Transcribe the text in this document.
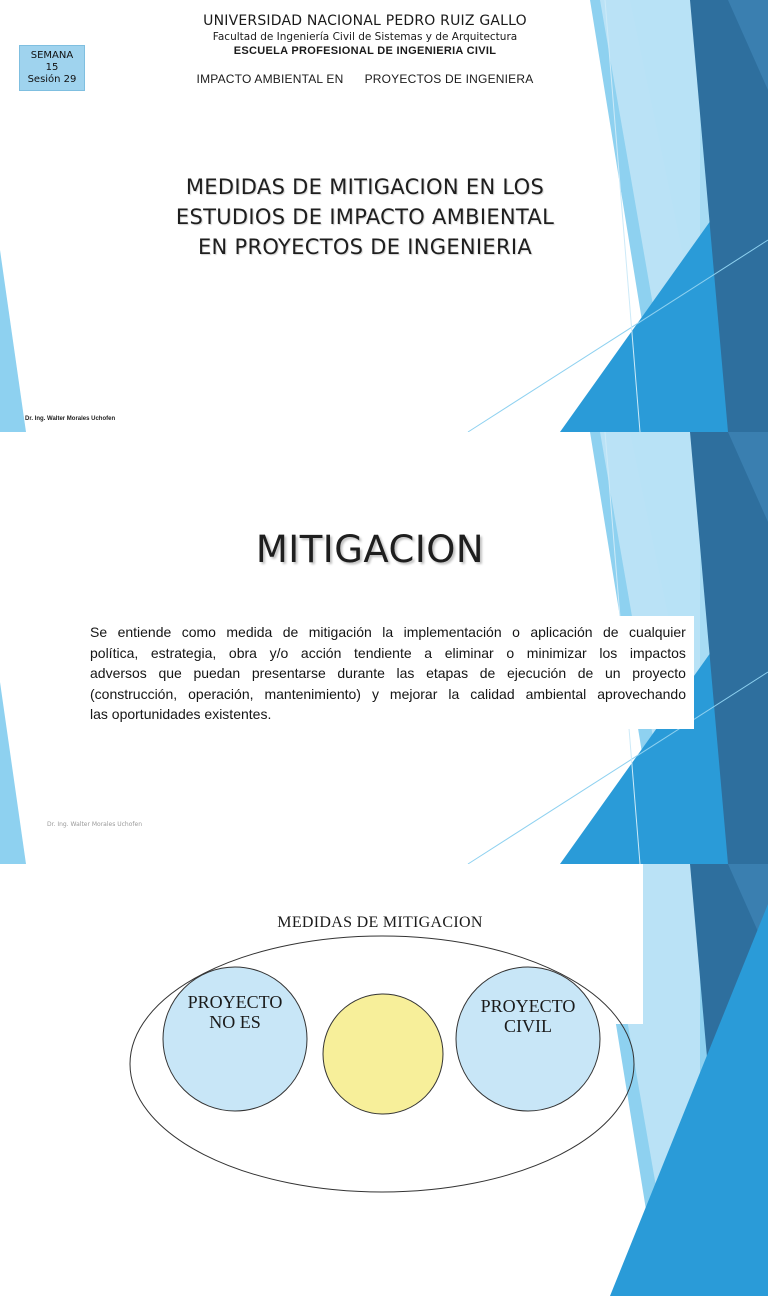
UNIVERSIDAD NACIONAL PEDRO RUIZ GALLO
Facultad de Ingeniería Civil de Sistemas y de Arquitectura
ESCUELA PROFESIONAL DE INGENIERIA CIVIL
IMPACTO AMBIENTAL EN PROYECTOS DE INGENIERA
SEMANA
15
Sesión 29
MEDIDAS DE MITIGACION EN LOS
ESTUDIOS DE IMPACTO AMBIENTAL
EN PROYECTOS DE INGENIERIA
Dr. Ing. Walter Morales Uchofen
MITIGACION
Se entiende como medida de mitigación la implementación o aplicación de cualquier
política, estrategia, obra y/o acción tendiente a eliminar o minimizar los impactos
adversos que puedan presentarse durante las etapas de ejecución de un proyecto
(construcción, operación, mantenimiento) y mejorar la calidad ambiental aprovechando
las oportunidades existentes.
Dr. Ing. Walter Morales Uchofen
MEDIDAS DE MITIGACION
PROYECTO
NO ES
PROYECTO
CIVIL
